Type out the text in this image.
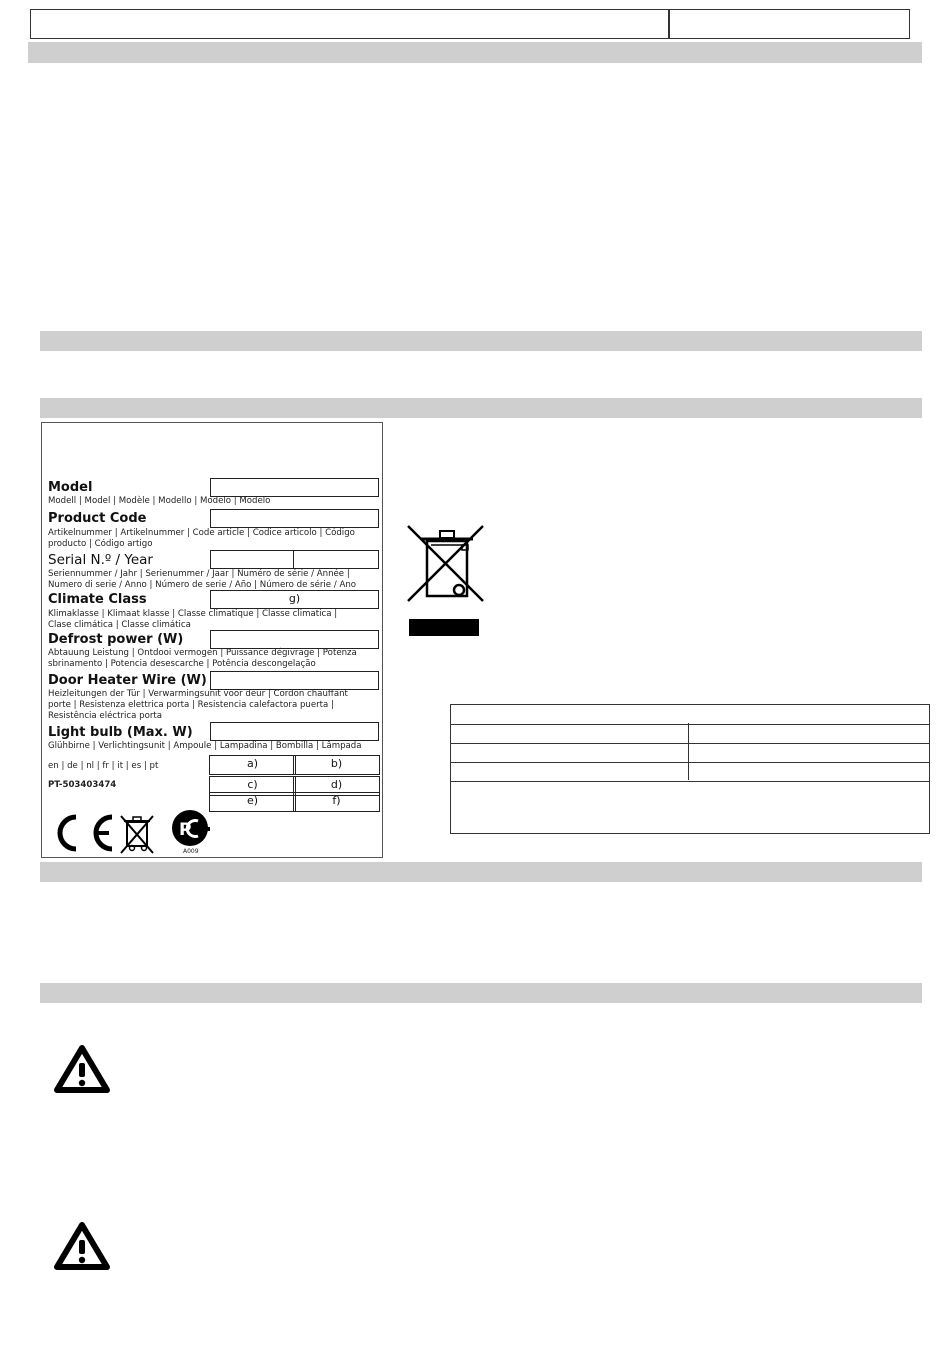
Model
Modell | Model | Modèle | Modello | Modelo | Modelo
Product Code
Artikelnummer | Artikelnummer | Code article | Codice articolo | Código producto | Código artigo
Serial N.º / Year
Seriennummer / Jahr | Serienummer / Jaar | Numéro de série / Année | Numero di serie / Anno | Número de serie / Año | Número de série / Ano
Climate Class	g)
Klimaklasse | Klimaat klasse | Classe climatique | Classe climatica | Clase climática | Classe climática
Defrost power (W)
Abtauung Leistung | Ontdooi vermogen | Puissance dégivrage | Potenza sbrinamento | Potencia desescarche | Potência descongelação
Door Heater Wire (W)
Heizleitungen der Tür | Verwarmingsunit voor deur | Cordon chauffant porte | Resistenza elettrica porta | Resistencia calefactora puerta | Resistência eléctrica porta
Light bulb (Max. W)
Glühbirne | Verlichtingsunit | Ampoule | Lampadina | Bombilla | Lâmpada
en | de | nl | fr | it | es | pt
PT-503403474
a)	b)
c)	d)
e)	f)
P
A009
